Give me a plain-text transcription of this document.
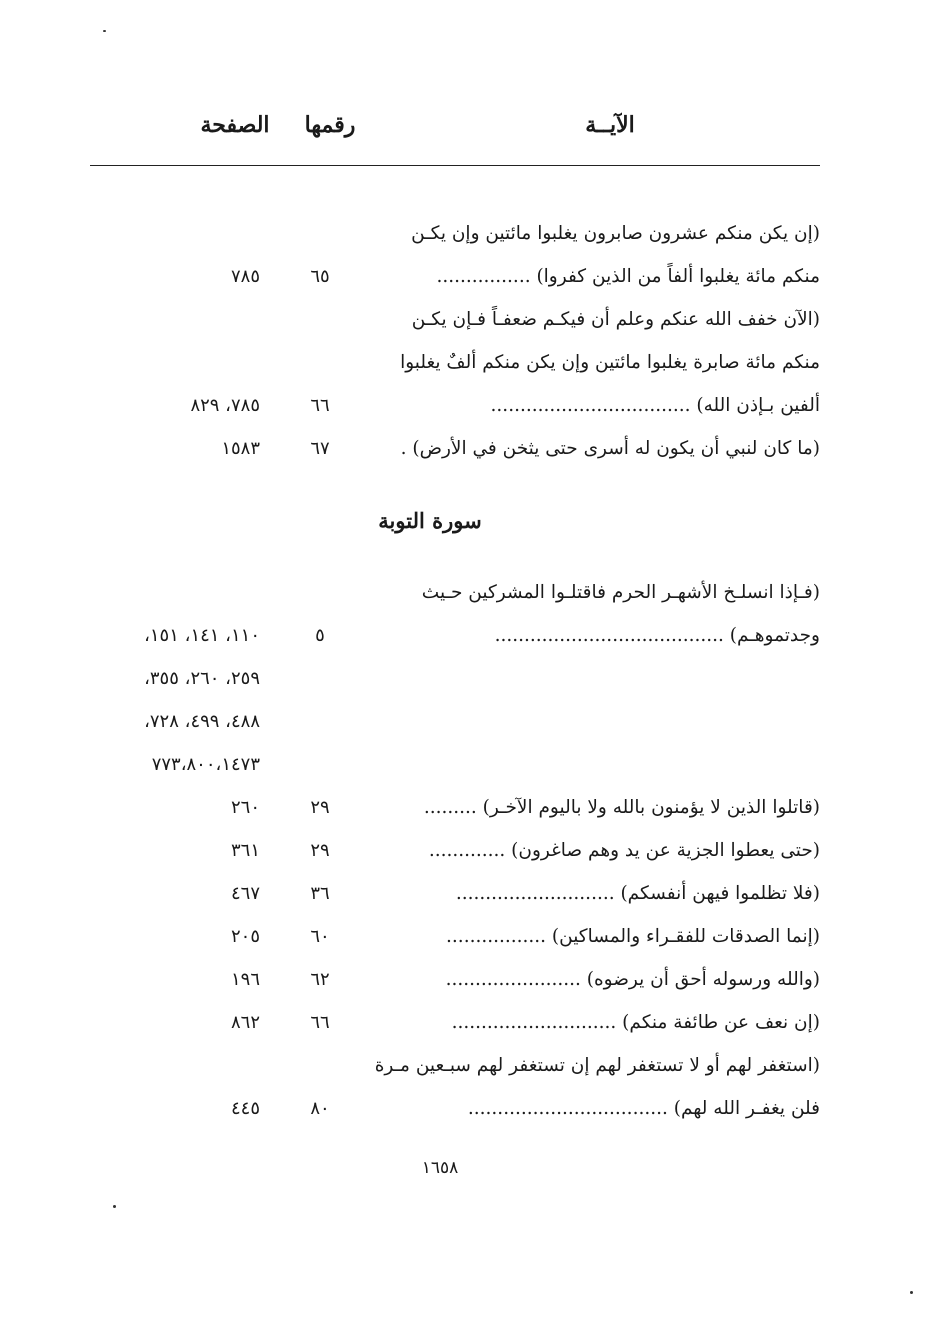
الآيــة
رقمها
الصفحة
(إن يكن منكم عشرون صابرون يغلبوا مائتين وإن يكـن
منكم مائة يغلبوا ألفاً من الذين كفروا) ................
٦٥
٧٨٥
(الآن خفف الله عنكم وعلم أن فيكـم ضعفـاً فـإن يكـن
منكم مائة صابرة يغلبوا مائتين وإن يكن منكم ألفٌ يغلبوا
ألفين بـإذن الله) ..................................
٦٦
٧٨٥، ٨٢٩
(ما كان لنبي أن يكون له أسرى حتى يثخن في الأرض) .
٦٧
١٥٨٣
سورة التوبة
(فـإذا انسلـخ الأشهـر الحرم فاقتلـوا المشركين حـيث
وجدتموهـم) .......................................
٥
١١٠، ١٤١، ١٥١،
٢٥٩، ٢٦٠، ٣٥٥،
٤٨٨، ٤٩٩، ٧٢٨،
٧٧٣،٨٠٠،١٤٧٣
(قاتلوا الذين لا يؤمنون بالله ولا باليوم الآخـر) .........
٢٩
٢٦٠
(حتى يعطوا الجزية عن يد وهم صاغرون) .............
٢٩
٣٦١
(فلا تظلموا فيهن أنفسكم) ...........................
٣٦
٤٦٧
(إنما الصدقات للفقـراء والمساكين) .................
٦٠
٢٠٥
(والله ورسوله أحق أن يرضوه) .......................
٦٢
١٩٦
(إن نعف عن طائفة منكم) ............................
٦٦
٨٦٢
(استغفر لهم أو لا تستغفر لهم إن تستغفر لهم سبـعين مـرة
فلن يغفـر الله لهم) ..................................
٨٠
٤٤٥
١٦٥٨
